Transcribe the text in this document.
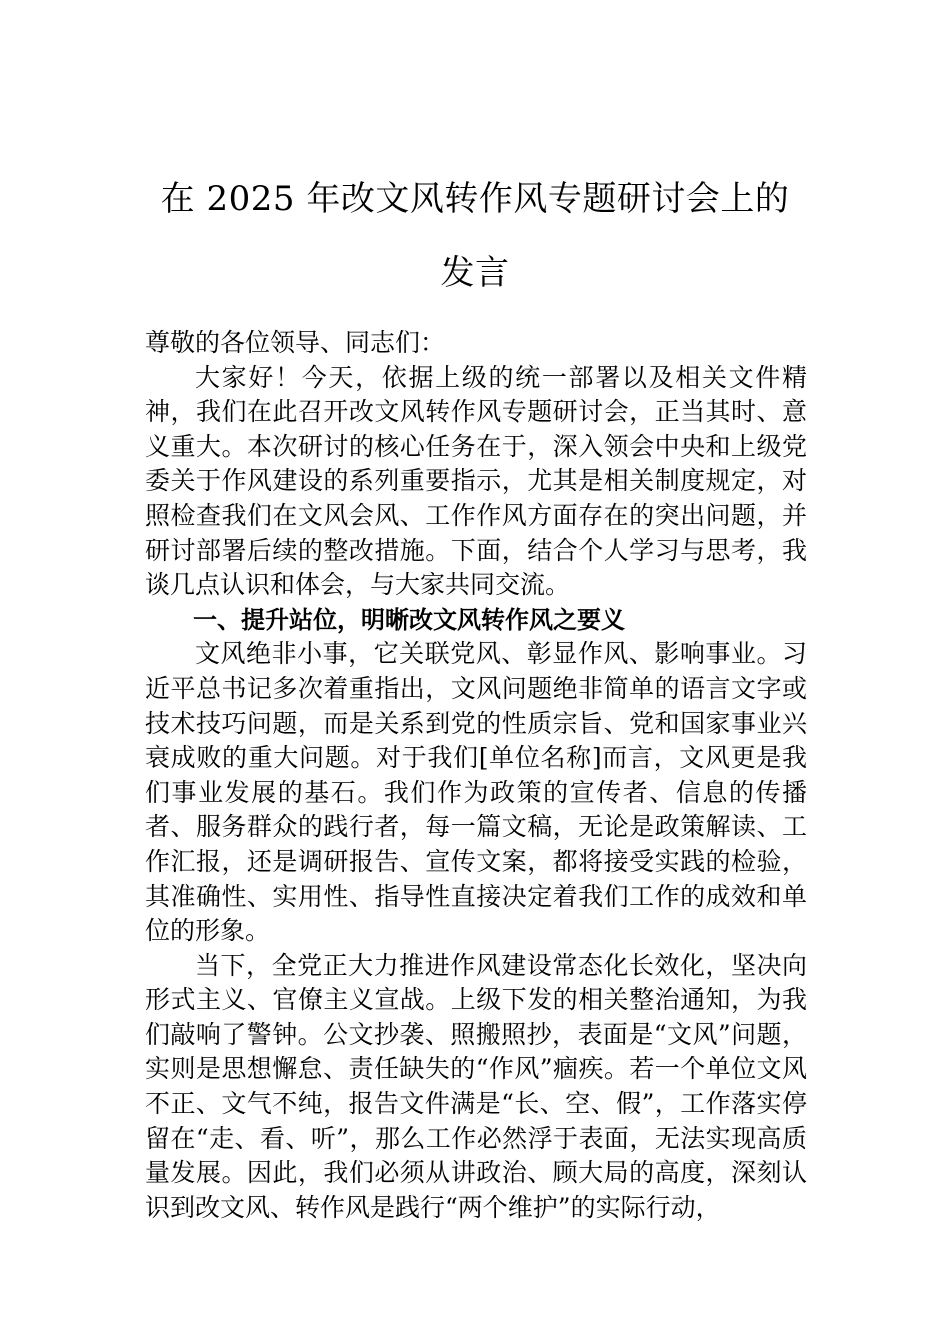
在 2025 年改文风转作风专题研讨会上的发言

尊敬的各位领导、同志们：

大家好！今天，依据上级的统一部署以及相关文件精神，我们在此召开改文风转作风专题研讨会，正当其时、意义重大。本次研讨的核心任务在于，深入领会中央和上级党委关于作风建设的系列重要指示，尤其是相关制度规定，对照检查我们在文风会风、工作作风方面存在的突出问题，并研讨部署后续的整改措施。下面，结合个人学习与思考，我谈几点认识和体会，与大家共同交流。

一、提升站位，明晰改文风转作风之要义

文风绝非小事，它关联党风、彰显作风、影响事业。习近平总书记多次着重指出，文风问题绝非简单的语言文字或技术技巧问题，而是关系到党的性质宗旨、党和国家事业兴衰成败的重大问题。对于我们[单位名称]而言，文风更是我们事业发展的基石。我们作为政策的宣传者、信息的传播者、服务群众的践行者，每一篇文稿，无论是政策解读、工作汇报，还是调研报告、宣传文案，都将接受实践的检验，其准确性、实用性、指导性直接决定着我们工作的成效和单位的形象。

当下，全党正大力推进作风建设常态化长效化，坚决向形式主义、官僚主义宣战。上级下发的相关整治通知，为我们敲响了警钟。公文抄袭、照搬照抄，表面是“文风”问题，实则是思想懈怠、责任缺失的“作风”痼疾。若一个单位文风不正、文气不纯，报告文件满是“长、空、假”，工作落实停留在“走、看、听”，那么工作必然浮于表面，无法实现高质量发展。因此，我们必须从讲政治、顾大局的高度，深刻认识到改文风、转作风是践行“两个维护”的实际行动，
